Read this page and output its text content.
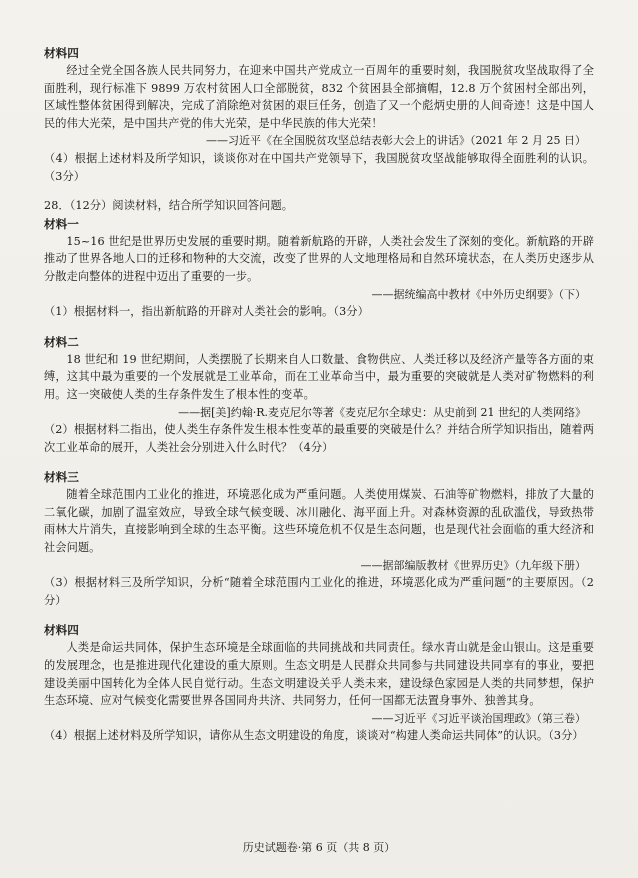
材料四

经过全党全国各族人民共同努力，在迎来中国共产党成立一百周年的重要时刻，我国脱贫攻坚战取得了全面胜利，现行标准下 9899 万农村贫困人口全部脱贫，832 个贫困县全部摘帽，12.8 万个贫困村全部出列，区域性整体贫困得到解决，完成了消除绝对贫困的艰巨任务，创造了又一个彪炳史册的人间奇迹！这是中国人民的伟大光荣，是中国共产党的伟大光荣，是中华民族的伟大光荣！

——习近平《在全国脱贫攻坚总结表彰大会上的讲话》（2021 年 2 月 25 日）

（4）根据上述材料及所学知识，谈谈你对在中国共产党领导下，我国脱贫攻坚战能够取得全面胜利的认识。（3分）

28．（12分）阅读材料，结合所学知识回答问题。

材料一

15~16 世纪是世界历史发展的重要时期。随着新航路的开辟，人类社会发生了深刻的变化。新航路的开辟推动了世界各地人口的迁移和物种的大交流，改变了世界的人文地理格局和自然环境状态，在人类历史逐步从分散走向整体的进程中迈出了重要的一步。

——据统编高中教材《中外历史纲要》（下）

（1）根据材料一，指出新航路的开辟对人类社会的影响。（3分）

材料二

18 世纪和 19 世纪期间，人类摆脱了长期来自人口数量、食物供应、人类迁移以及经济产量等各方面的束缚，这其中最为重要的一个发展就是工业革命，而在工业革命当中，最为重要的突破就是人类对矿物燃料的利用。这一突破使人类的生存条件发生了根本性的变革。

——据[美]约翰·R.麦克尼尔等著《麦克尼尔全球史：从史前到 21 世纪的人类网络》

（2）根据材料二指出，使人类生存条件发生根本性变革的最重要的突破是什么？并结合所学知识指出，随着两次工业革命的展开，人类社会分别进入什么时代？（4分）

材料三

随着全球范围内工业化的推进，环境恶化成为严重问题。人类使用煤炭、石油等矿物燃料，排放了大量的二氧化碳，加剧了温室效应，导致全球气候变暖、冰川融化、海平面上升。对森林资源的乱砍滥伐，导致热带雨林大片消失，直接影响到全球的生态平衡。这些环境危机不仅是生态问题，也是现代社会面临的重大经济和社会问题。

——据部编版教材《世界历史》（九年级下册）

（3）根据材料三及所学知识，分析“随着全球范围内工业化的推进，环境恶化成为严重问题”的主要原因。（2分）

材料四

人类是命运共同体，保护生态环境是全球面临的共同挑战和共同责任。绿水青山就是金山银山。这是重要的发展理念，也是推进现代化建设的重大原则。生态文明是人民群众共同参与共同建设共同享有的事业，要把建设美丽中国转化为全体人民自觉行动。生态文明建设关乎人类未来，建设绿色家园是人类的共同梦想，保护生态环境、应对气候变化需要世界各国同舟共济、共同努力，任何一国都无法置身事外、独善其身。

——习近平《习近平谈治国理政》（第三卷）

（4）根据上述材料及所学知识，请你从生态文明建设的角度，谈谈对“构建人类命运共同体”的认识。（3分）

历史试题卷·第 6 页（共 8 页）
